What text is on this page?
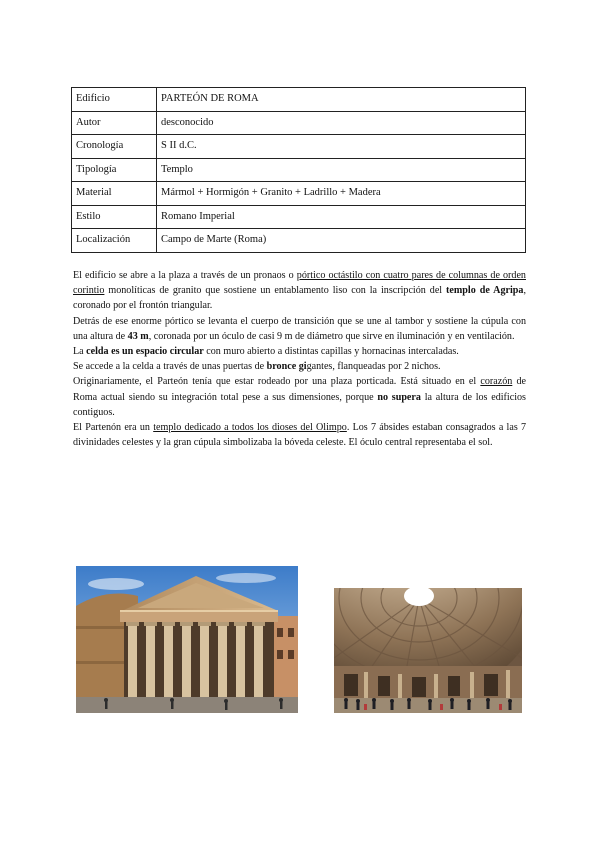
Edificio	PARTEÓN DE ROMA
Autor	desconocido
Cronología	S II d.C.
Tipología	Templo
Material	Mármol + Hormigón + Granito + Ladrillo + Madera
Estilo	Romano Imperial
Localización	Campo de Marte (Roma)

El edificio se abre a la plaza a través de un pronaos o pórtico octástilo con cuatro pares de columnas de orden corintio monolíticas de granito que sostiene un entablamento liso con la inscripción del templo de Agripa, coronado por el frontón triangular.

Detrás de ese enorme pórtico se levanta el cuerpo de transición que se une al tambor y sostiene la cúpula con una altura de 43 m, coronada por un óculo de casi 9 m de diámetro que sirve en iluminación y en ventilación.

La celda es un espacio circular con muro abierto a distintas capillas y hornacinas intercaladas.

Se accede a la celda a través de unas puertas de bronce gigantes, flanqueadas por 2 nichos.

Originariamente, el Parteón tenía que estar rodeado por una plaza porticada. Está situado en el corazón de Roma actual siendo su integración total pese a sus dimensiones, porque no supera la altura de los edificios contiguos.

El Partenón era un templo dedicado a todos los dioses del Olimpo. Los 7 ábsides estaban consagrados a las 7 divinidades celestes y la gran cúpula simbolizaba la bóveda celeste. El óculo central representaba el sol.
